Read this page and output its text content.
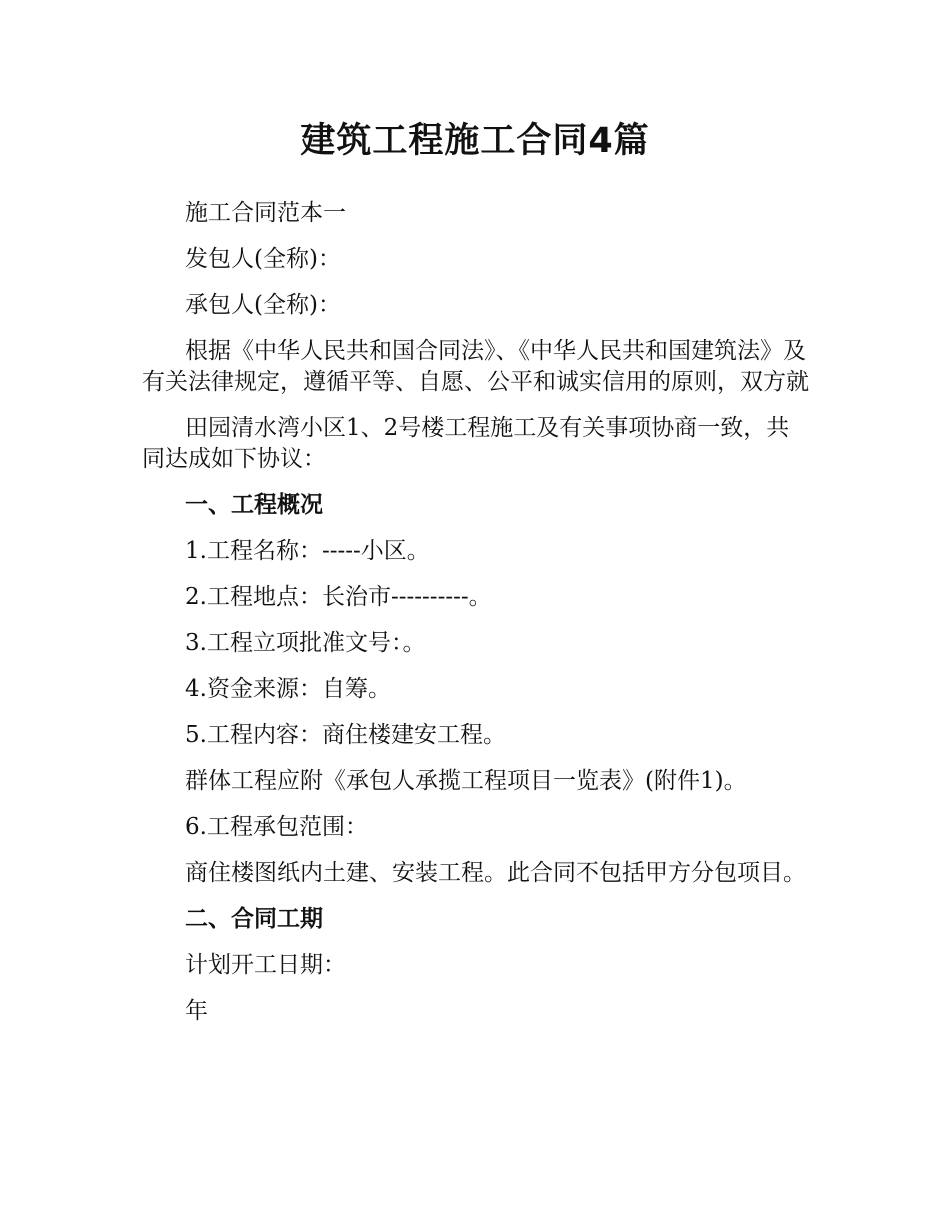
建筑工程施工合同4篇

施工合同范本一

发包人(全称)：

承包人(全称)：

根据《中华人民共和国合同法》、《中华人民共和国建筑法》及有关法律规定，遵循平等、自愿、公平和诚实信用的原则，双方就

田园清水湾小区1、2号楼工程施工及有关事项协商一致，共同达成如下协议：

一、工程概况

1.工程名称：-----小区。

2.工程地点：长治市----------。

3.工程立项批准文号：。

4.资金来源：自筹。

5.工程内容：商住楼建安工程。

群体工程应附《承包人承揽工程项目一览表》(附件1)。

6.工程承包范围：

商住楼图纸内土建、安装工程。此合同不包括甲方分包项目。

二、合同工期

计划开工日期：

年
